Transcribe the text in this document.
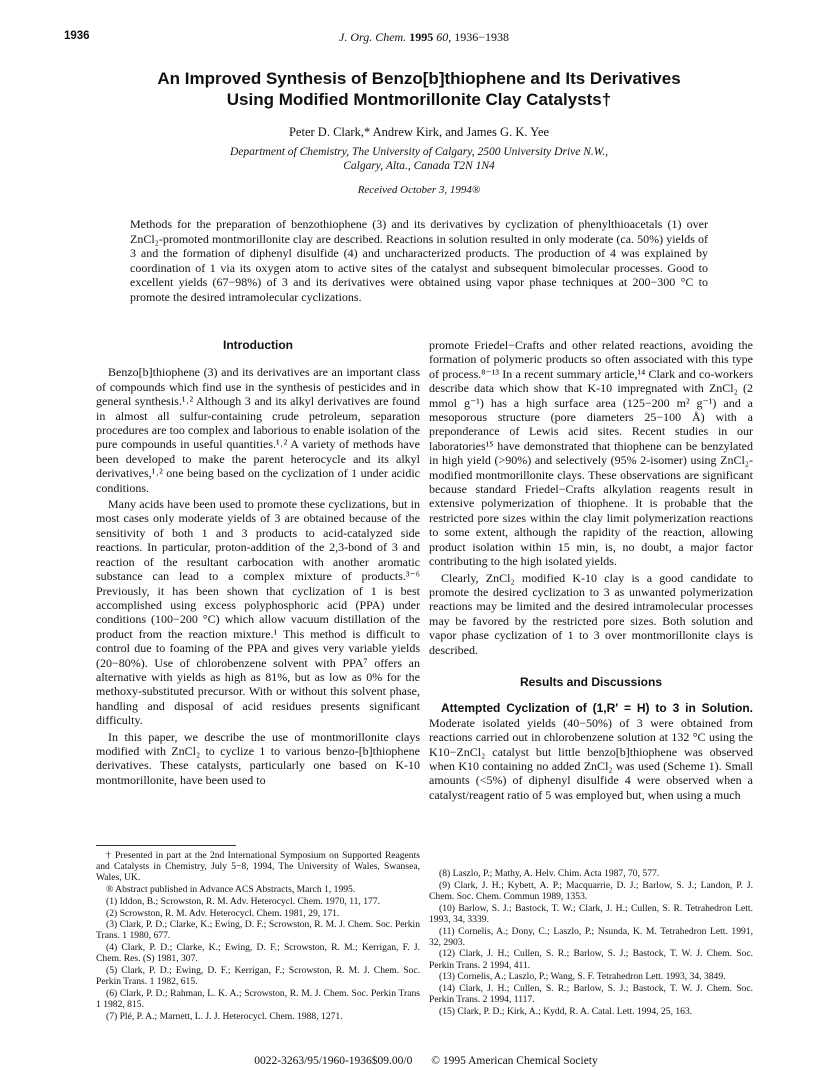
1936	J. Org. Chem. 1995 60, 1936−1938
An Improved Synthesis of Benzo[b]thiophene and Its Derivatives
Using Modified Montmorillonite Clay Catalysts†
Peter D. Clark,* Andrew Kirk, and James G. K. Yee
Department of Chemistry, The University of Calgary, 2500 University Drive N.W.,
Calgary, Alta., Canada T2N 1N4
Received October 3, 1994®

Methods for the preparation of benzothiophene (3) and its derivatives by cyclization of phenylthioacetals (1) over ZnCl₂-promoted montmorillonite clay are described. Reactions in solution resulted in only moderate (ca. 50%) yields of 3 and the formation of diphenyl disulfide (4) and uncharacterized products. The production of 4 was explained by coordination of 1 via its oxygen atom to active sites of the catalyst and subsequent bimolecular processes. Good to excellent yields (67−98%) of 3 and its derivatives were obtained using vapor phase techniques at 200−300 °C to promote the desired intramolecular cyclizations.

Introduction

Benzo[b]thiophene (3) and its derivatives are an important class of compounds which find use in the synthesis of pesticides and in general synthesis.¹˒² Although 3 and its alkyl derivatives are found in almost all sulfur-containing crude petroleum, separation procedures are too complex and laborious to enable isolation of the pure compounds in useful quantities.¹˒² A variety of methods have been developed to make the parent heterocycle and its alkyl derivatives,¹˒² one being based on the cyclization of 1 under acidic conditions.

Many acids have been used to promote these cyclizations, but in most cases only moderate yields of 3 are obtained because of the sensitivity of both 1 and 3 products to acid-catalyzed side reactions. In particular, proton-addition of the 2,3-bond of 3 and reaction of the resultant carbocation with another aromatic substance can lead to a complex mixture of products.³⁻⁶ Previously, it has been shown that cyclization of 1 is best accomplished using excess polyphosphoric acid (PPA) under conditions (100−200 °C) which allow vacuum distillation of the product from the reaction mixture.¹ This method is difficult to control due to foaming of the PPA and gives very variable yields (20−80%). Use of chlorobenzene solvent with PPA⁷ offers an alternative with yields as high as 81%, but as low as 0% for the methoxy-substituted precursor. With or without this solvent phase, handling and disposal of acid residues presents significant difficulty.

In this paper, we describe the use of montmorillonite clays modified with ZnCl₂ to cyclize 1 to various benzo-[b]thiophene derivatives. These catalysts, particularly one based on K-10 montmorillonite, have been used to

promote Friedel−Crafts and other related reactions, avoiding the formation of polymeric products so often associated with this type of process.⁸⁻¹³ In a recent summary article,¹⁴ Clark and co-workers describe data which show that K-10 impregnated with ZnCl₂ (2 mmol g⁻¹) has a high surface area (125−200 m² g⁻¹) and a mesoporous structure (pore diameters 25−100 Å) with a preponderance of Lewis acid sites. Recent studies in our laboratories¹⁵ have demonstrated that thiophene can be benzylated in high yield (>90%) and selectively (95% 2-isomer) using ZnCl₂-modified montmorillonite clays. These observations are significant because standard Friedel−Crafts alkylation reagents result in extensive polymerization of thiophene. It is probable that the restricted pore sizes within the clay limit polymerization reactions to some extent, although the rapidity of the reaction, allowing product isolation within 15 min, is, no doubt, a major factor contributing to the high isolated yields.

Clearly, ZnCl₂ modified K-10 clay is a good candidate to promote the desired cyclization to 3 as unwanted polymerization reactions may be limited and the desired intramolecular processes may be favored by the restricted pore sizes. Both solution and vapor phase cyclization of 1 to 3 over montmorillonite clays is described.

Results and Discussions

Attempted Cyclization of (1,R′ = H) to 3 in Solution. Moderate isolated yields (40−50%) of 3 were obtained from reactions carried out in chlorobenzene solution at 132 °C using the K10−ZnCl₂ catalyst but little benzo[b]thiophene was observed when K10 containing no added ZnCl₂ was used (Scheme 1). Small amounts (<5%) of diphenyl disulfide 4 were observed when a catalyst/reagent ratio of 5 was employed but, when using a much

† Presented in part at the 2nd International Symposium on Supported Reagents and Catalysts in Chemistry, July 5−8, 1994, The University of Wales, Swansea, Wales, UK.

® Abstract published in Advance ACS Abstracts, March 1, 1995.

(1) Iddon, B.; Scrowston, R. M. Adv. Heterocycl. Chem. 1970, 11, 177.

(2) Scrowston, R. M. Adv. Heterocycl. Chem. 1981, 29, 171.

(3) Clark, P. D.; Clarke, K.; Ewing, D. F.; Scrowston, R. M. J. Chem. Soc. Perkin Trans. 1 1980, 677.

(4) Clark, P. D.; Clarke, K.; Ewing, D. F.; Scrowston, R. M.; Kerrigan, F. J. Chem. Res. (S) 1981, 307.

(5) Clark, P. D.; Ewing, D. F.; Kerrigan, F.; Scrowston, R. M. J. Chem. Soc. Perkin Trans. 1 1982, 615.

(6) Clark, P. D.; Rahman, L. K. A.; Scrowston, R. M. J. Chem. Soc. Perkin Trans 1 1982, 815.

(7) Plé, P. A.; Marnett, L. J. J. Heterocycl. Chem. 1988, 1271.

(8) Laszlo, P.; Mathy, A. Helv. Chim. Acta 1987, 70, 577.

(9) Clark, J. H.; Kybett, A. P.; Macquarrie, D. J.; Barlow, S. J.; Landon, P. J. Chem. Soc. Chem. Commun 1989, 1353.

(10) Barlow, S. J.; Bastock, T. W.; Clark, J. H.; Cullen, S. R. Tetrahedron Lett. 1993, 34, 3339.

(11) Cornelis, A.; Dony, C.; Laszlo, P.; Nsunda, K. M. Tetrahedron Lett. 1991, 32, 2903.

(12) Clark, J. H.; Cullen, S. R.; Barlow, S. J.; Bastock, T. W. J. Chem. Soc. Perkin Trans. 2 1994, 411.

(13) Cornelis, A.; Laszlo, P.; Wang, S. F. Tetrahedron Lett. 1993, 34, 3849.

(14) Clark, J. H.; Cullen, S. R.; Barlow, S. J.; Bastock, T. W. J. Chem. Soc. Perkin Trans. 2 1994, 1117.

(15) Clark, P. D.; Kirk, A.; Kydd, R. A. Catal. Lett. 1994, 25, 163.

0022-3263/95/1960-1936$09.00/0 © 1995 American Chemical Society
